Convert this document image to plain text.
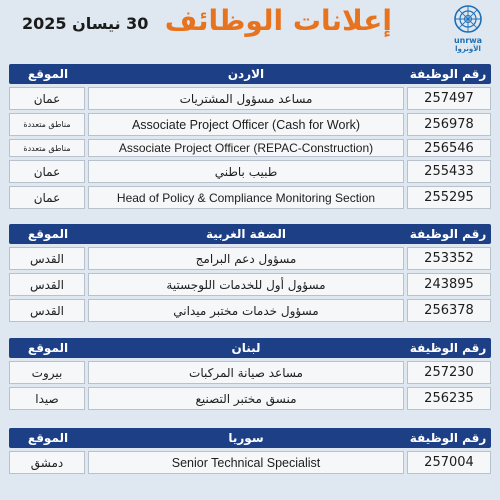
30 نيسان 2025 إعلانات الوظائف
unrwa
الأونروا
الموقع	الاردن	رقم الوظيفة
عمان	مساعد مسؤول المشتريات	257497
مناطق متعددة	Associate Project Officer (Cash for Work)	256978
مناطق متعددة	Associate Project Officer (REPAC-Construction)	256546
عمان	طبيب باطني	255433
عمان	Head of Policy & Compliance Monitoring Section	255295
الموقع	الضفة الغربية	رقم الوظيفة
القدس	مسؤول دعم البرامج	253352
القدس	مسؤول أول للخدمات اللوجستية	243895
القدس	مسؤول خدمات مختبر ميداني	256378
الموقع	لبنان	رقم الوظيفة
بيروت	مساعد صيانة المركبات	257230
صيدا	منسق مختبر التصنيع	256235
الموقع	سوريا	رقم الوظيفة
دمشق	Senior Technical Specialist	257004
